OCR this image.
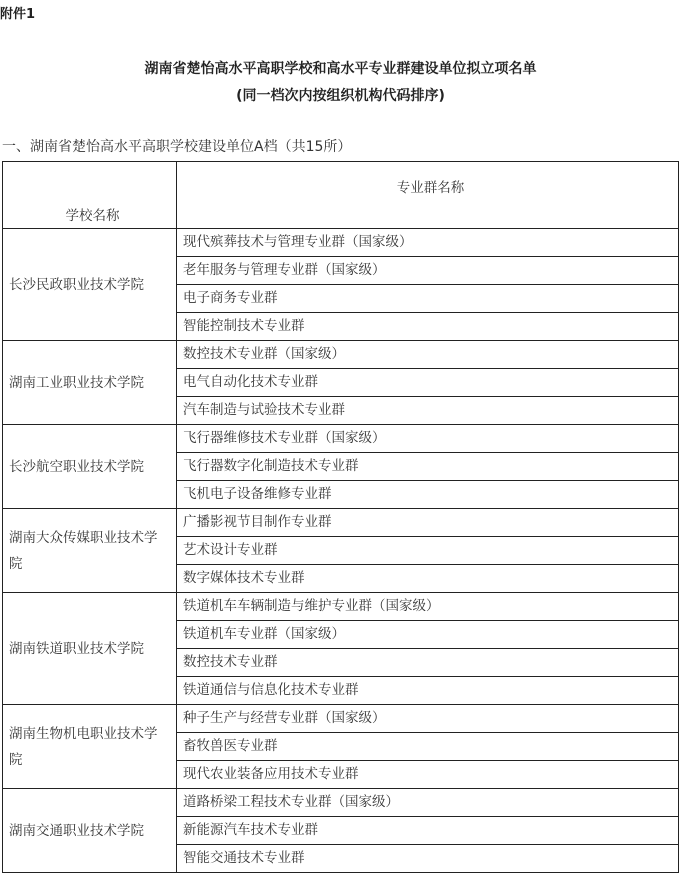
附件1
湖南省楚怡高水平高职学校和高水平专业群建设单位拟立项名单
(同一档次内按组织机构代码排序)
一、湖南省楚怡高水平高职学校建设单位A档（共15所）
学校名称	专业群名称
长沙民政职业技术学院	现代殡葬技术与管理专业群（国家级）
	老年服务与管理专业群（国家级）
	电子商务专业群
	智能控制技术专业群
湖南工业职业技术学院	数控技术专业群（国家级）
	电气自动化技术专业群
	汽车制造与试验技术专业群
长沙航空职业技术学院	飞行器维修技术专业群（国家级）
	飞行器数字化制造技术专业群
	飞机电子设备维修专业群
湖南大众传媒职业技术学院	广播影视节目制作专业群
	艺术设计专业群
	数字媒体技术专业群
湖南铁道职业技术学院	铁道机车车辆制造与维护专业群（国家级）
	铁道机车专业群（国家级）
	数控技术专业群
	铁道通信与信息化技术专业群
湖南生物机电职业技术学院	种子生产与经营专业群（国家级）
	畜牧兽医专业群
	现代农业装备应用技术专业群
湖南交通职业技术学院	道路桥梁工程技术专业群（国家级）
	新能源汽车技术专业群
	智能交通技术专业群
